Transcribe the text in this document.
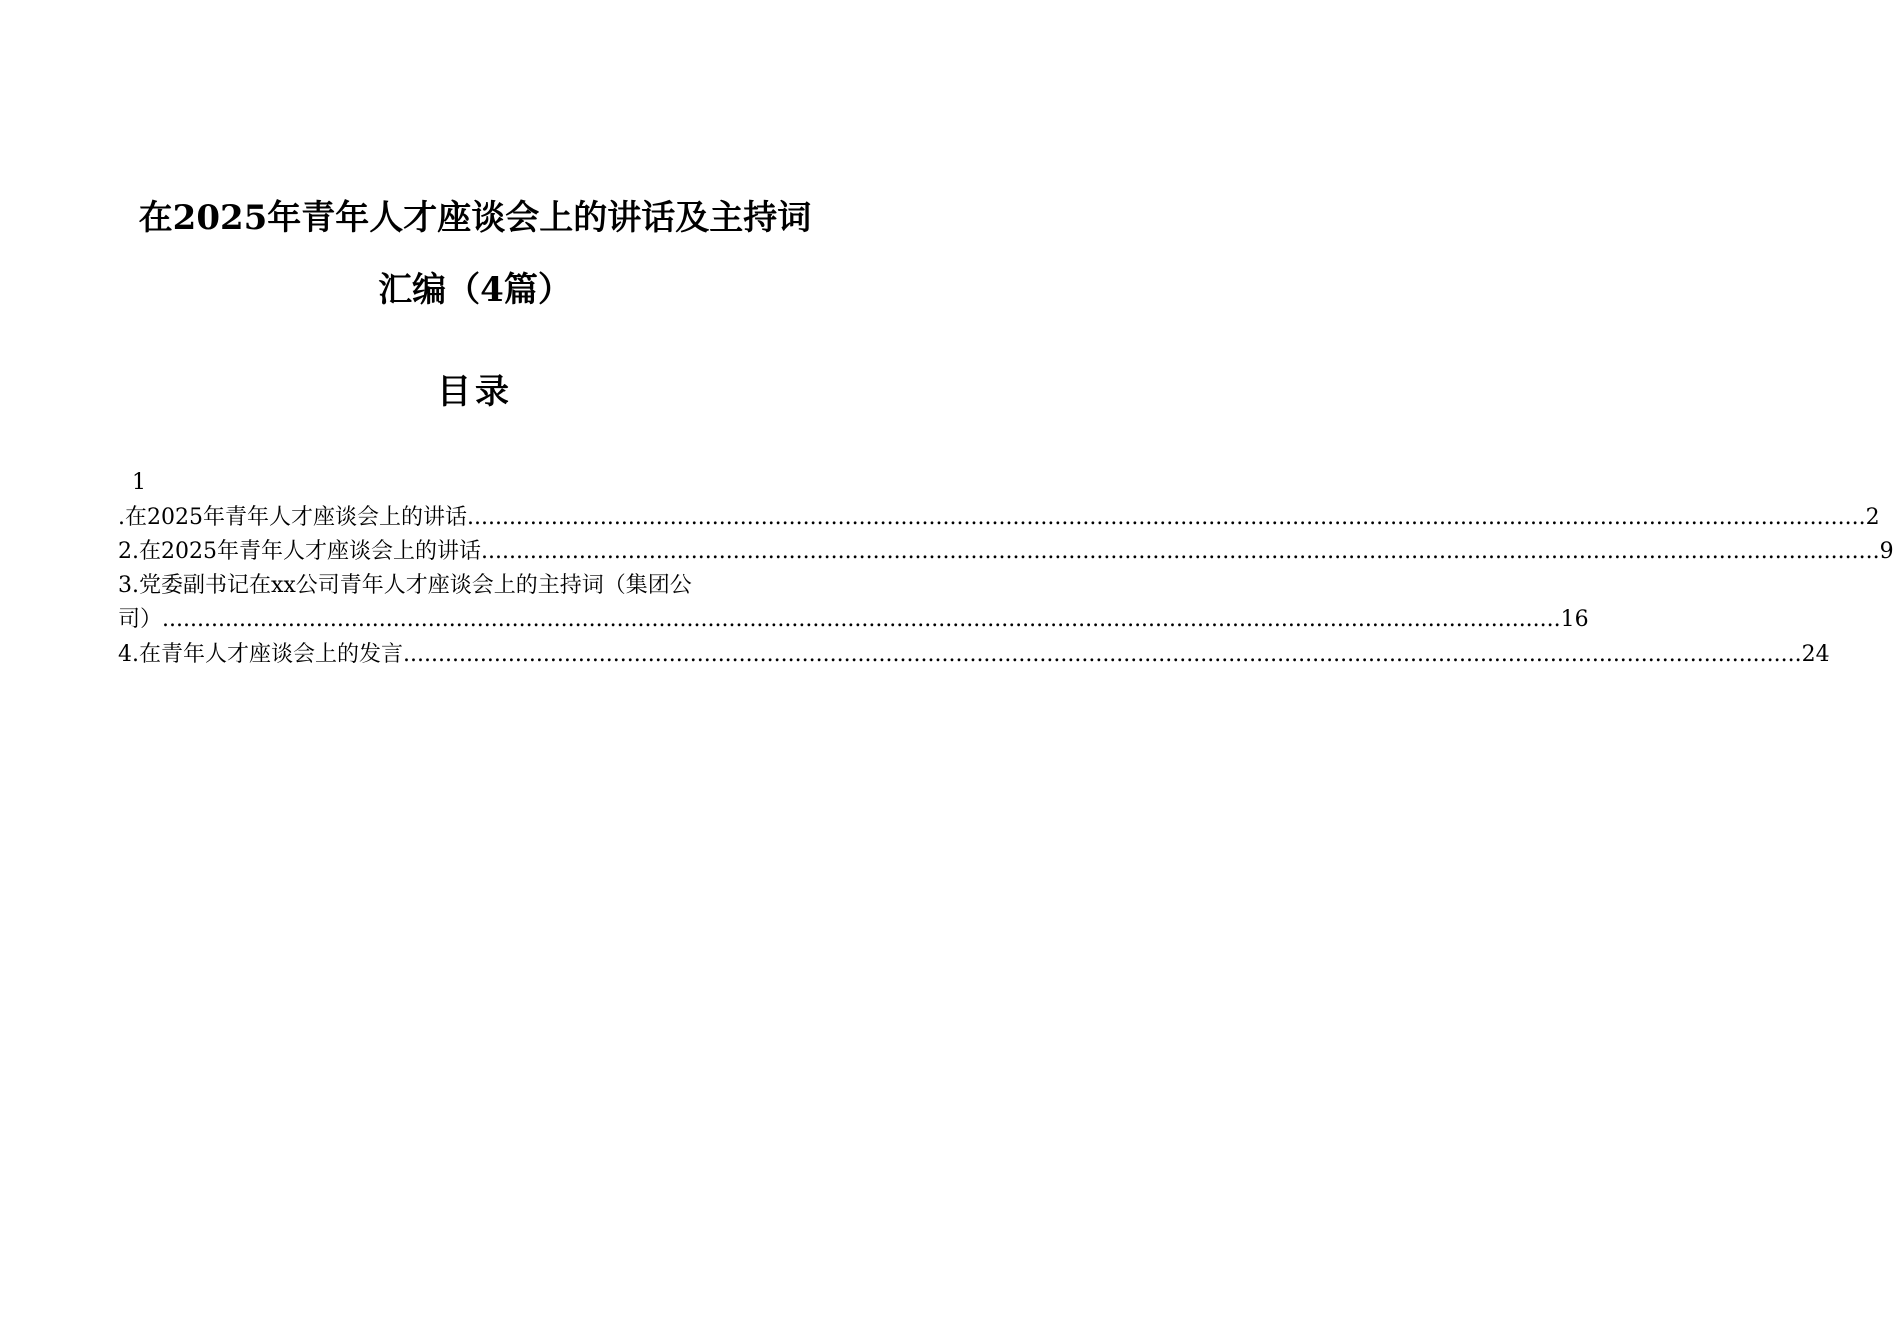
在2025年青年人才座谈会上的讲话及主持词
汇编（4篇）
目录
1
.在2025年青年人才座谈会上的讲话 ........................................................................................................................................................................................................ 2
2.在2025年青年人才座谈会上的讲话 ........................................................................................................................................................................................................ 9
3.党委副书记在xx公司青年人才座谈会上的主持词（集团公
司） ........................................................................................................................................................................................................ 16
4.在青年人才座谈会上的发言 ........................................................................................................................................................................................................ 24
